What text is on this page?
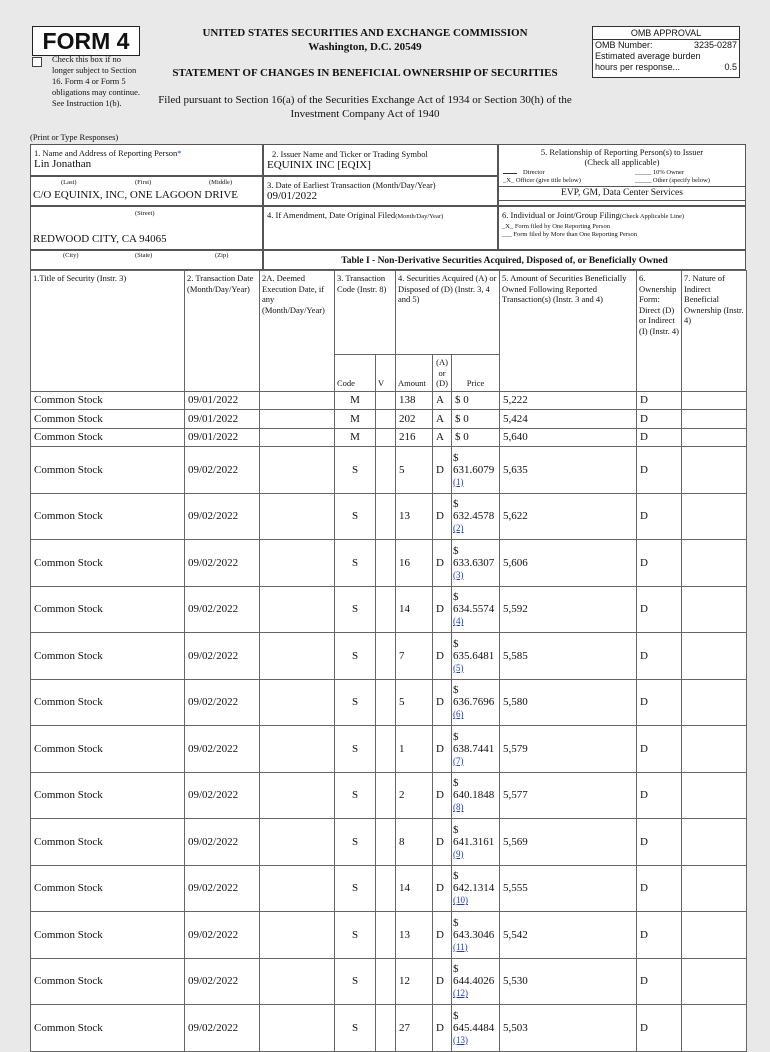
FORM 4
Check this box if no longer subject to Section 16. Form 4 or Form 5 obligations may continue. See Instruction 1(b).
UNITED STATES SECURITIES AND EXCHANGE COMMISSION
Washington, D.C. 20549
STATEMENT OF CHANGES IN BENEFICIAL OWNERSHIP OF SECURITIES
Filed pursuant to Section 16(a) of the Securities Exchange Act of 1934 or Section 30(h) of the
Investment Company Act of 1940
OMB APPROVAL
OMB Number:	3235-0287
Estimated average burden
hours per response...	0.5
(Print or Type Responses)
1. Name and Address of Reporting Person*
Lin Jonathan
(Last)	(First)	(Middle)
C/O EQUINIX, INC, ONE LAGOON DRIVE
(Street)
REDWOOD CITY, CA 94065
(City)	(State)	(Zip)
2. Issuer Name and Ticker or Trading Symbol
EQUINIX INC [EQIX]
3. Date of Earliest Transaction (Month/Day/Year)
09/01/2022
4. If Amendment, Date Original Filed(Month/Day/Year)
5. Relationship of Reporting Person(s) to Issuer
(Check all applicable)
Director	_____ 10% Owner
_X_ Officer (give title below)	_____ Other (specify below)
EVP, GM, Data Center Services
6. Individual or Joint/Group Filing(Check Applicable Line)
_X_ Form filed by One Reporting Person
___ Form filed by More than One Reporting Person
Table I - Non-Derivative Securities Acquired, Disposed of, or Beneficially Owned
1.Title of Security (Instr. 3)	2. Transaction Date (Month/Day/Year)	2A. Deemed Execution Date, if any (Month/Day/Year)	3. Transaction Code (Instr. 8)		4. Securities Acquired (A) or Disposed of (D) (Instr. 3, 4 and 5)			5. Amount of Securities Beneficially Owned Following Reported Transaction(s) (Instr. 3 and 4)	6. Ownership Form: Direct (D) or Indirect (I) (Instr. 4)	7. Nature of Indirect Beneficial Ownership (Instr. 4)
			Code	V	Amount	(A) or (D)	Price			
Common Stock	09/01/2022		M		138	A	$ 0	5,222	D	
Common Stock	09/01/2022		M		202	A	$ 0	5,424	D	
Common Stock	09/01/2022		M		216	A	$ 0	5,640	D	
Common Stock	09/02/2022		S		5	D	$
631.6079
(1)	5,635	D	
Common Stock	09/02/2022		S		13	D	$
632.4578
(2)	5,622	D	
Common Stock	09/02/2022		S		16	D	$
633.6307
(3)	5,606	D	
Common Stock	09/02/2022		S		14	D	$
634.5574
(4)	5,592	D	
Common Stock	09/02/2022		S		7	D	$
635.6481
(5)	5,585	D	
Common Stock	09/02/2022		S		5	D	$
636.7696
(6)	5,580	D	
Common Stock	09/02/2022		S		1	D	$
638.7441
(7)	5,579	D	
Common Stock	09/02/2022		S		2	D	$
640.1848
(8)	5,577	D	
Common Stock	09/02/2022		S		8	D	$
641.3161
(9)	5,569	D	
Common Stock	09/02/2022		S		14	D	$
642.1314
(10)	5,555	D	
Common Stock	09/02/2022		S		13	D	$
643.3046
(11)	5,542	D	
Common Stock	09/02/2022		S		12	D	$
644.4026
(12)	5,530	D	
Common Stock	09/02/2022		S		27	D	$
645.4484
(13)	5,503	D	
